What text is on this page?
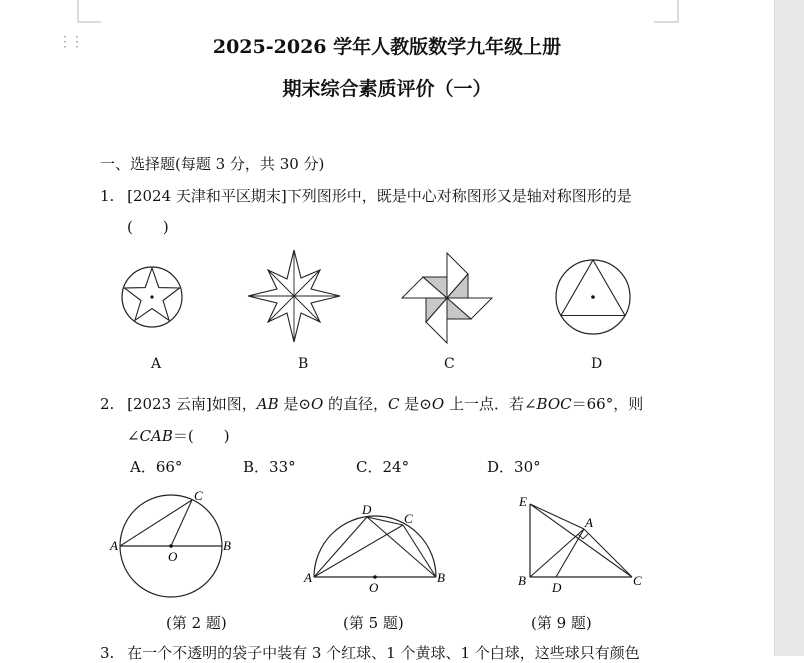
⋮⋮	2025-2026 学年人教版数学九年级上册
期末综合素质评价（一）
一、选择题(每题 3 分，共 30 分)
1. [2024 天津和平区期末]下列图形中，既是中心对称图形又是轴对称图形的是
(　　)
A	B	C	D
2. [2023 云南]如图，AB 是⊙O 的直径，C 是⊙O 上一点．若∠BOC＝66°，则
∠CAB＝(　　)
A．66°	B．33°	C．24°	D．30°
A	B
C
O
(第 2 题)
A	B
C
D
O
(第 5 题)
E
B	C
D
A
(第 9 题)
3. 在一个不透明的袋子中装有 3 个红球、1 个黄球、1 个白球，这些球只有颜色
